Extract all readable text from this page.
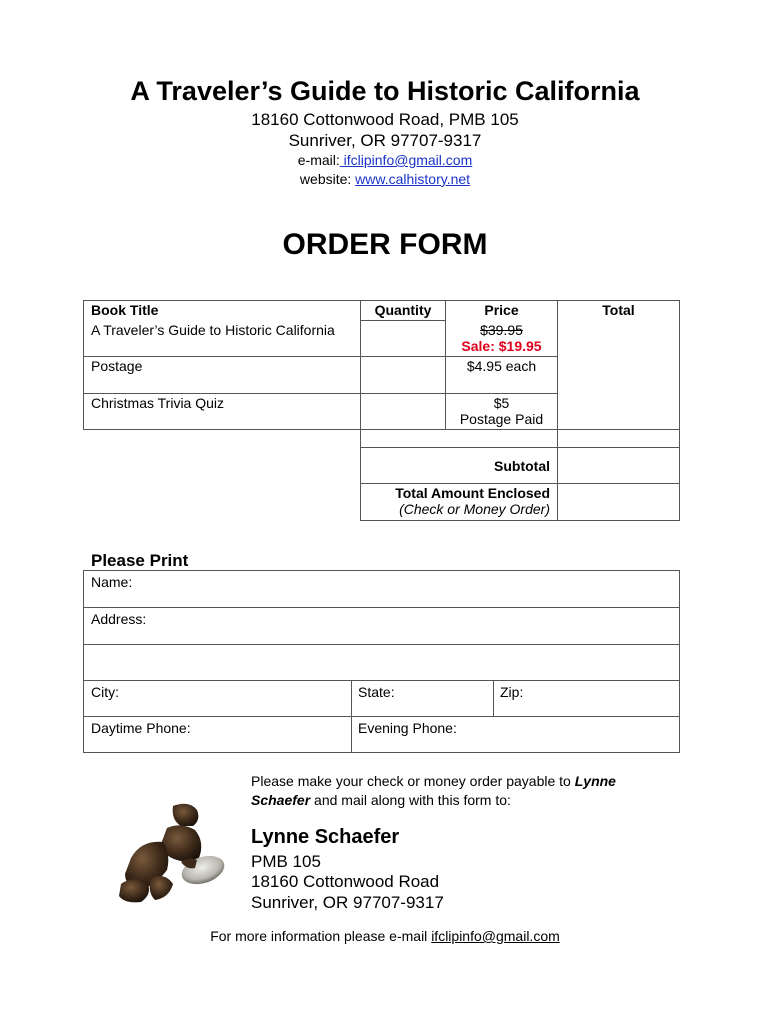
A Traveler’s Guide to Historic California
18160 Cottonwood Road, PMB 105
Sunriver, OR 97707-9317
e-mail: ifclipinfo@gmail.com
website: www.calhistory.net
ORDER FORM
Book Title	Quantity	Price	Total
A Traveler’s Guide to Historic California		$39.95
Sale: $19.95	

Postage		$4.95 each	
Christmas Trivia Quiz		$5
Postage Paid	

	Subtotal		

	Total Amount Enclosed
(Check or Money Order)		

Please Print
Name:
Address:
City:	State:	Zip:
Daytime Phone:	Evening Phone:
Please make your check or money order payable to Lynne
Schaefer and mail along with this form to:
Lynne Schaefer
PMB 105
18160 Cottonwood Road
Sunriver, OR 97707-9317
For more information please e-mail ifclipinfo@gmail.com
